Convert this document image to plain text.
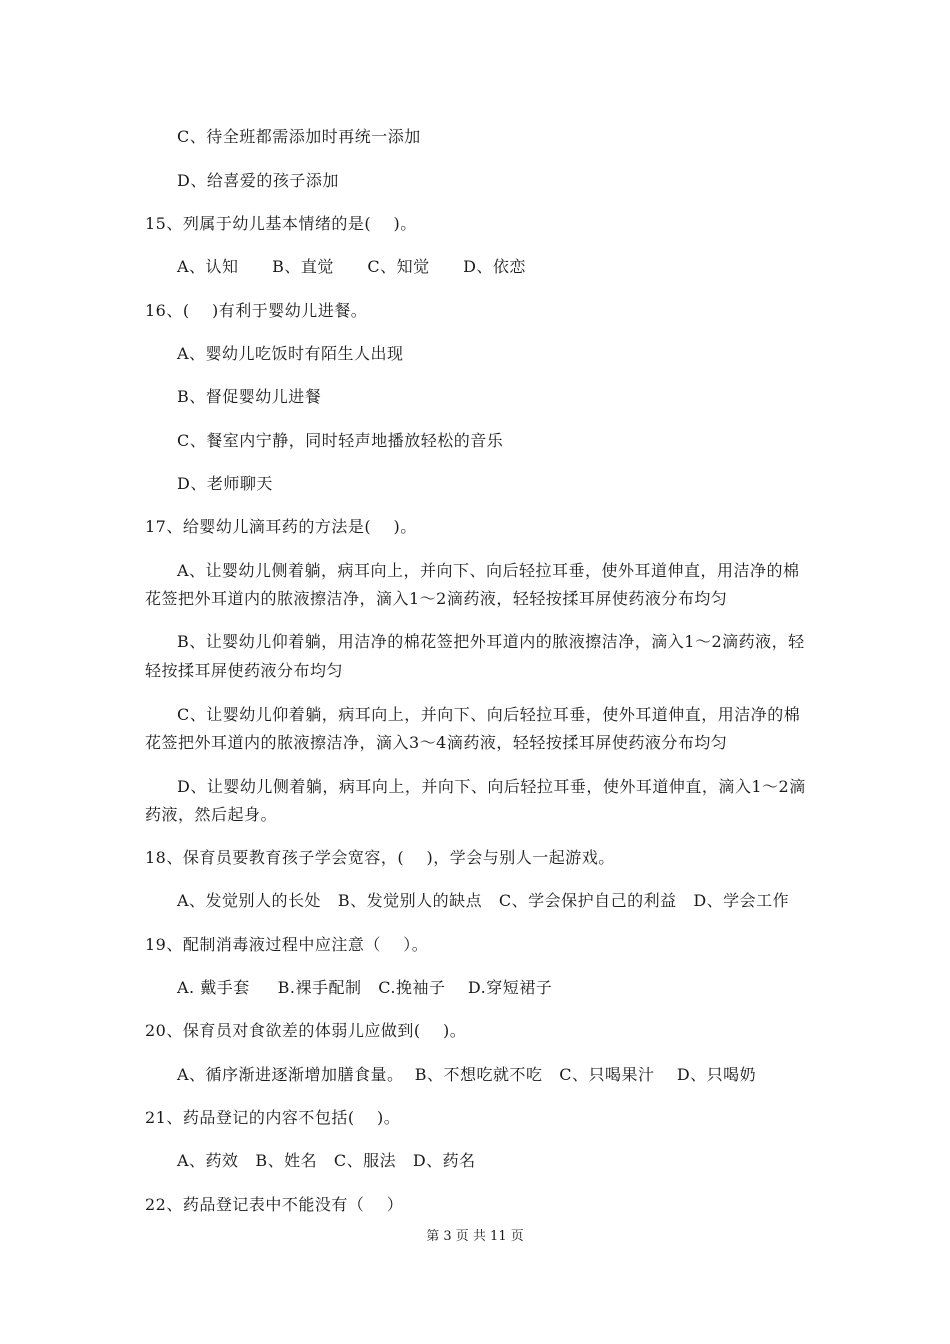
C、待全班都需添加时再统一添加
D、给喜爱的孩子添加
15、列属于幼儿基本情绪的是(    )。
A、认知      B、直觉      C、知觉      D、依恋
16、(    )有利于婴幼儿进餐。
A、婴幼儿吃饭时有陌生人出现
B、督促婴幼儿进餐
C、餐室内宁静，同时轻声地播放轻松的音乐
D、老师聊天
17、给婴幼儿滴耳药的方法是(    )。
A、让婴幼儿侧着躺，病耳向上，并向下、向后轻拉耳垂，使外耳道伸直，用洁净的棉
花签把外耳道内的脓液擦洁净，滴入1～2滴药液，轻轻按揉耳屏使药液分布均匀
B、让婴幼儿仰着躺，用洁净的棉花签把外耳道内的脓液擦洁净，滴入1～2滴药液，轻
轻按揉耳屏使药液分布均匀
C、让婴幼儿仰着躺，病耳向上，并向下、向后轻拉耳垂，使外耳道伸直，用洁净的棉
花签把外耳道内的脓液擦洁净，滴入3～4滴药液，轻轻按揉耳屏使药液分布均匀
D、让婴幼儿侧着躺，病耳向上，并向下、向后轻拉耳垂，使外耳道伸直，滴入1～2滴
药液，然后起身。
18、保育员要教育孩子学会宽容，(    )，学会与别人一起游戏。
A、发觉别人的长处   B、发觉别人的缺点   C、学会保护自己的利益   D、学会工作
19、配制消毒液过程中应注意（    ）。
A. 戴手套     B.裸手配制   C.挽袖子    D.穿短裙子
20、保育员对食欲差的体弱儿应做到(    )。
A、循序渐进逐渐增加膳食量。  B、不想吃就不吃   C、只喝果汁    D、只喝奶
21、药品登记的内容不包括(    )。
A、药效   B、姓名   C、服法   D、药名
22、药品登记表中不能没有（    ）
第 3 页 共 11 页
